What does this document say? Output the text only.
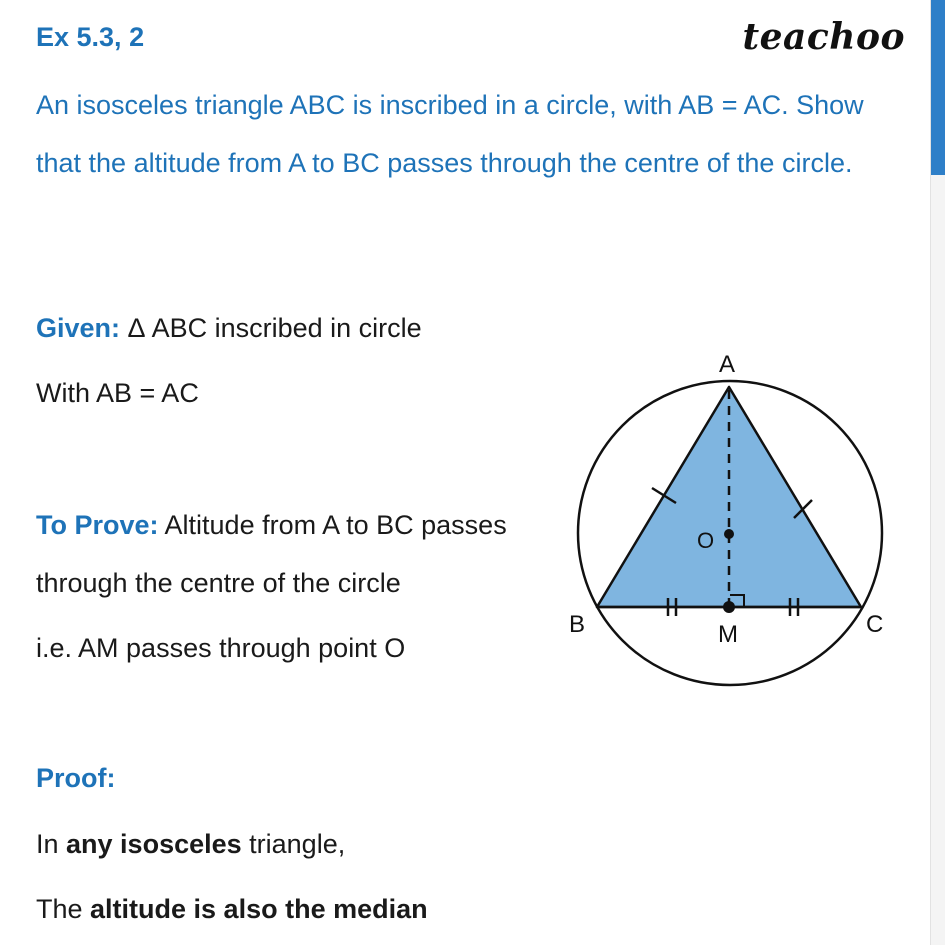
Ex 5.3, 2	teachoo
An isosceles triangle ABC is inscribed in a circle, with AB = AC. Show that the altitude from A to BC passes through the centre of the circle.
Given: Δ ABC inscribed in circle
With AB = AC
To Prove: Altitude from A to BC passes
through the centre of the circle
i.e. AM passes through point O
Proof:
In any isosceles triangle,
The altitude is also the median
A
B	C
M
O
